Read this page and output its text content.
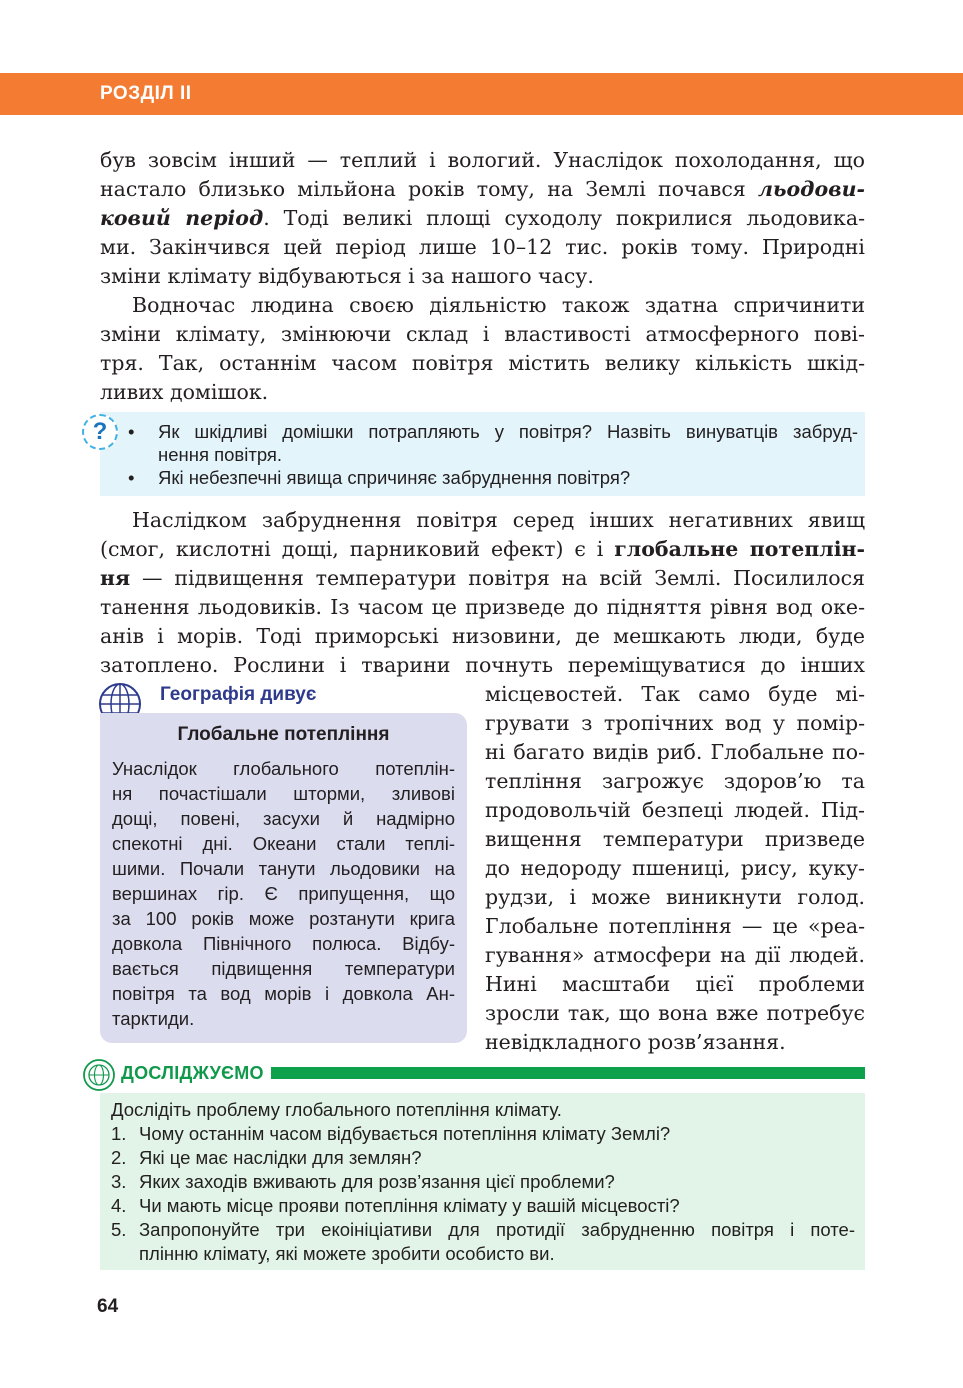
РОЗДІЛ II
був зовсім інший — теплий і вологий. Унаслідок похолодання, що
настало близько мільйона років тому, на Землі почався льодови-
ковий період. Тоді великі площі суходолу покрилися льодовика-
ми. Закінчився цей період лише 10–12 тис. років тому. Природні
зміни клімату відбуваються і за нашого часу.
Водночас людина своєю діяльністю також здатна спричинити
зміни клімату, змінюючи склад і властивості атмосферного пові-
тря. Так, останнім часом повітря містить велику кількість шкід-
ливих домішок.
?	• Як шкідливі домішки потрапляють у повітря? Назвіть винуватців забруд-
нення повітря.
• Які небезпечні явища спричиняє забруднення повітря?
Наслідком забруднення повітря серед інших негативних явищ
(смог, кислотні дощі, парниковий ефект) є і глобальне потеплін-
ня — підвищення температури повітря на всій Землі. Посилилося
танення льодовиків. Із часом це призведе до підняття рівня вод оке-
анів і морів. Тоді приморські низовини, де мешкають люди, буде
затоплено. Рослини і тварини почнуть переміщуватися до інших
місцевостей. Так само буде мі-
грувати з тропічних вод у помір-
ні багато видів риб. Глобальне по-
тепління загрожує здоров’ю та
продовольчій безпеці людей. Під-
вищення температури призведе
до недороду пшениці, рису, куку-
рудзи, і може виникнути голод.
Глобальне потепління — це «реа-
гування» атмосфери на дії людей.
Нині масштаби цієї проблеми
зросли так, що вона вже потребує
невідкладного розв’язання.
Географія дивує
Глобальне потепління
Унаслідок глобального потеплін-
ня почастішали шторми, зливові
дощі, повені, засухи й надмірно
спекотні дні. Океани стали теплі-
шими. Почали танути льодовики на
вершинах гір. Є припущення, що
за 100 років може розтанути крига
довкола Північного полюса. Відбу-
вається підвищення температури
повітря та вод морів і довкола Ан-
тарктиди.
ДОСЛІДЖУЄМО
Дослідіть проблему глобального потепління клімату.
1. Чому останнім часом відбувається потепління клімату Землі?
2. Які це має наслідки для землян?
3. Яких заходів вживають для розв’язання цієї проблеми?
4. Чи мають місце прояви потепління клімату у вашій місцевості?
5. Запропонуйте три екоініціативи для протидії забрудненню повітря і поте-
плінню клімату, які можете зробити особисто ви.
64
